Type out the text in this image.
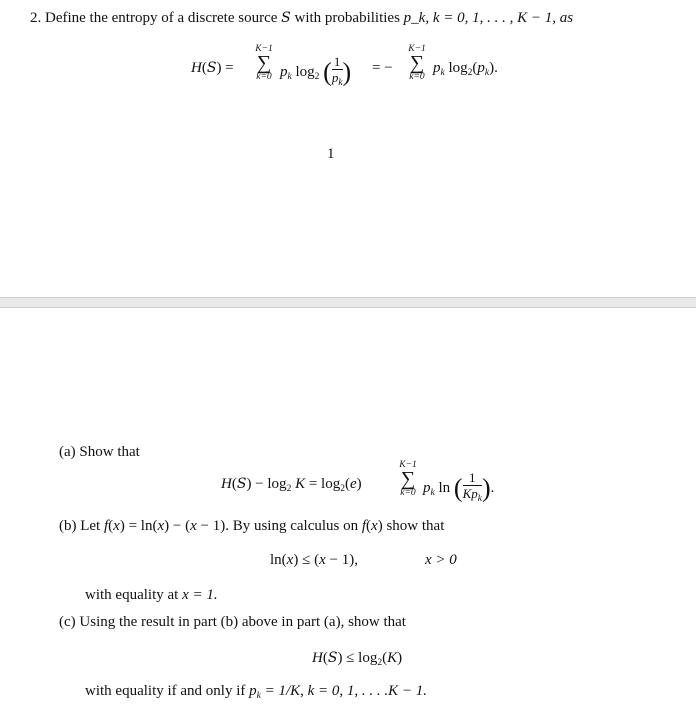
2. Define the entropy of a discrete source S with probabilities p_k, k = 0, 1, . . . , K − 1, as
H(S) =
K−1
∑
k=0 $p_k$ $\log_2$ ( $\frac{1}{p_k}$ ) = −
K−1
∑
k=0
$p_k$ $\log_2(p_k)$.
1
(a) Show that
$H(S) - \log_2 K = \log_2(e)$
K−1
∑
k=0 $p_k$ ln ( $\frac{1}{Kp_k}$ ).
(b) Let f(x) = ln(x) − (x − 1). By using calculus on f(x) show that
ln(x) ≤ (x − 1),	x > 0
with equality at x = 1.
(c) Using the result in part (b) above in part (a), show that
$H(S) \le \log_2(K)$
with equality if and only if $p_k = 1/K$, k = 0, 1, . . . .K − 1.
